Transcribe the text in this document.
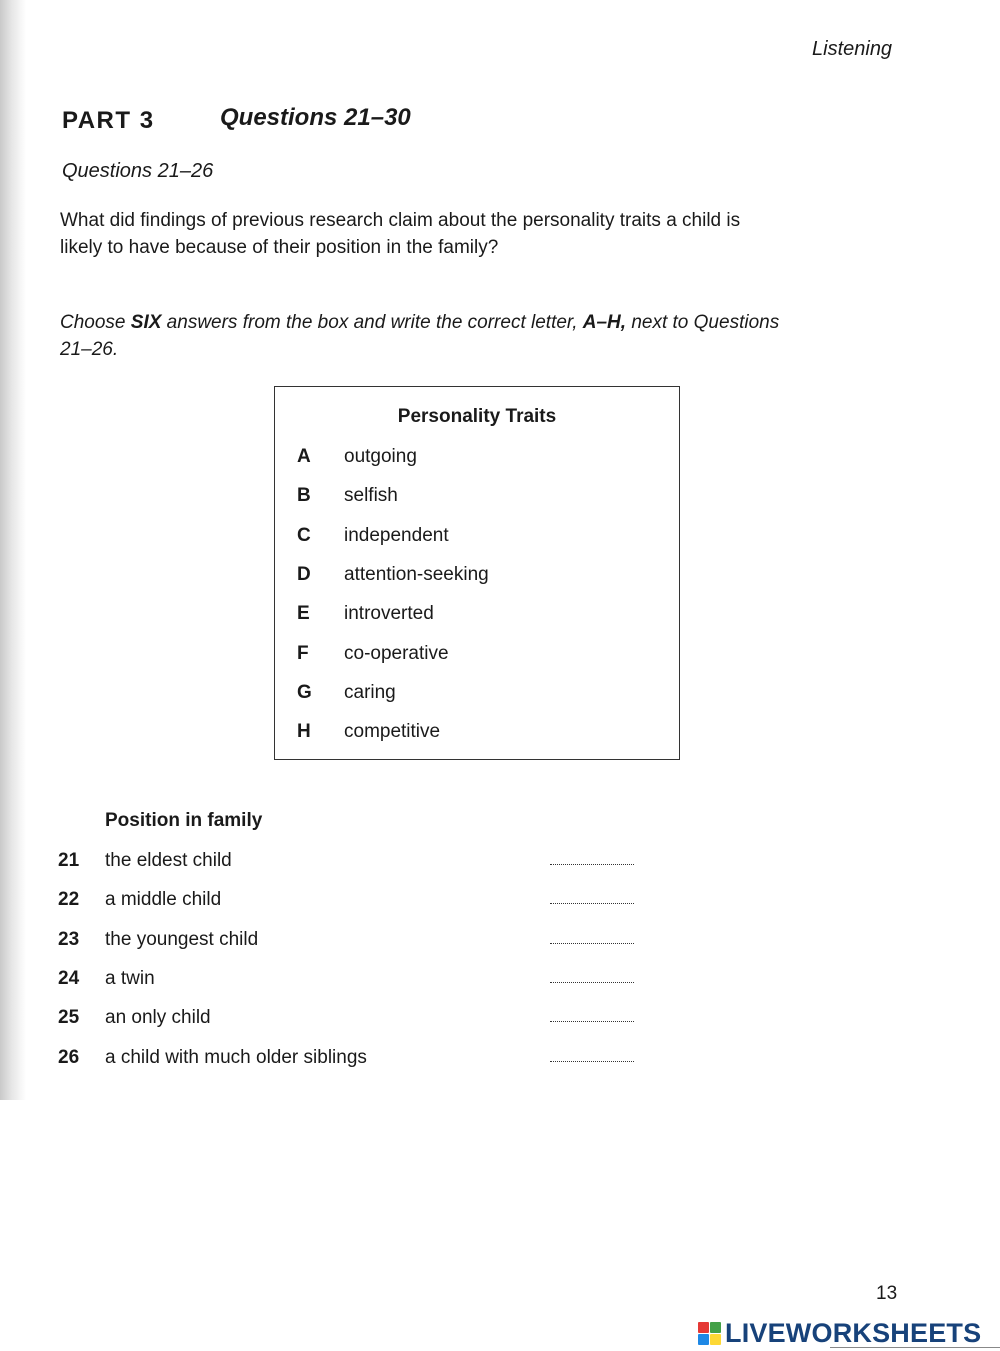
Listening
PART 3	Questions 21–30
Questions 21–26
What did findings of previous research claim about the personality traits a child is likely to have because of their position in the family?
Choose SIX answers from the box and write the correct letter, A–H, next to Questions 21–26.
Personality Traits
A	outgoing
B	selfish
C	independent
D	attention-seeking
E	introverted
F	co-operative
G	caring
H	competitive
Position in family
21	the eldest child
22	a middle child
23	the youngest child
24	a twin
25	an only child
26	a child with much older siblings
13
LIVEWORKSHEETS
